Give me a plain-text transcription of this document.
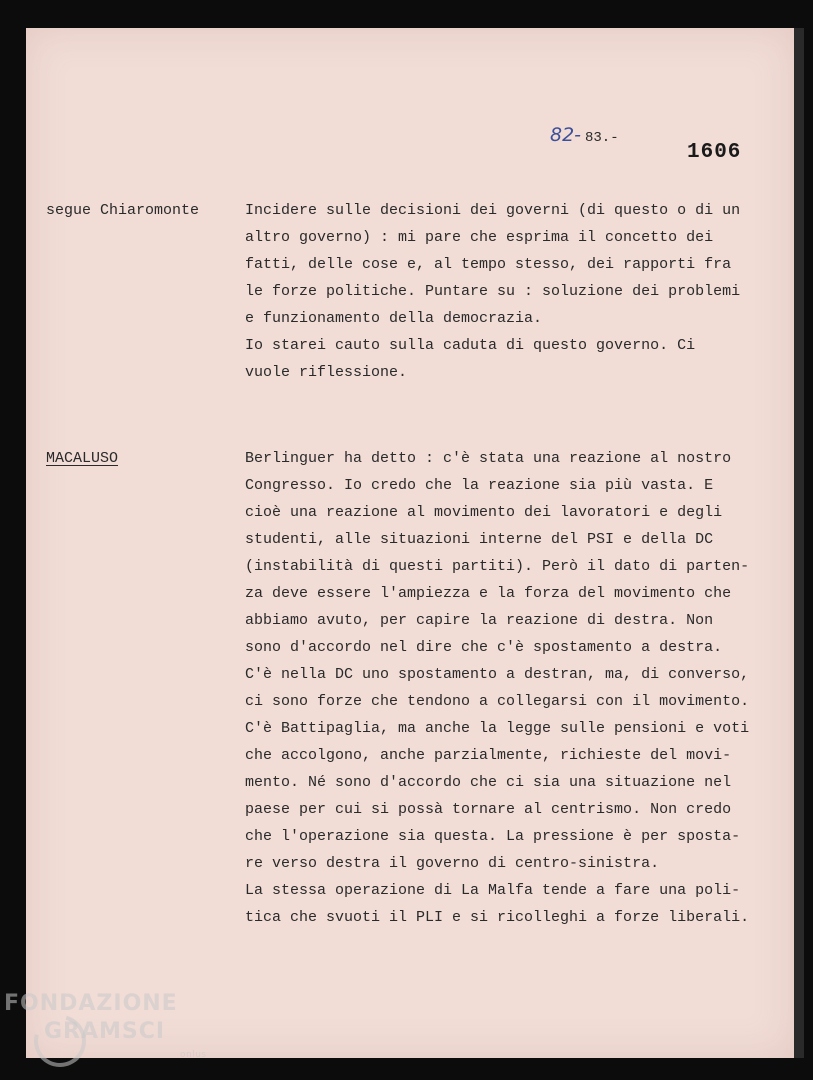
82- 83.-
1606
segue Chiaromonte	Incidere sulle decisioni dei governi (di questo o di un
altro governo) : mi pare che esprima il concetto dei
fatti, delle cose e, al tempo stesso, dei rapporti fra
le forze politiche. Puntare su : soluzione dei problemi
e funzionamento della democrazia.
Io starei cauto sulla caduta di questo governo. Ci
vuole riflessione.
MACALUSO	Berlinguer ha detto : c'è stata una reazione al nostro
Congresso. Io credo che la reazione sia più vasta. E
cioè una reazione al movimento dei lavoratori e degli
studenti, alle situazioni interne del PSI e della DC
(instabilità di questi partiti). Però il dato di parten-
za deve essere l'ampiezza e la forza del movimento che
abbiamo avuto, per capire la reazione di destra. Non
sono d'accordo nel dire che c'è spostamento a destra.
C'è nella DC uno spostamento a destran, ma, di converso,
ci sono forze che tendono a collegarsi con il movimento.
C'è Battipaglia, ma anche la legge sulle pensioni e voti
che accolgono, anche parzialmente, richieste del movi-
mento. Né sono d'accordo che ci sia una situazione nel
paese per cui si possà tornare al centrismo. Non credo
che l'operazione sia questa. La pressione è per sposta-
re verso destra il governo di centro-sinistra.
La stessa operazione di La Malfa tende a fare una poli-
tica che svuoti il PLI e si ricolleghi a forze liberali.
FONDAZIONE
GRAMSCI
onlus
